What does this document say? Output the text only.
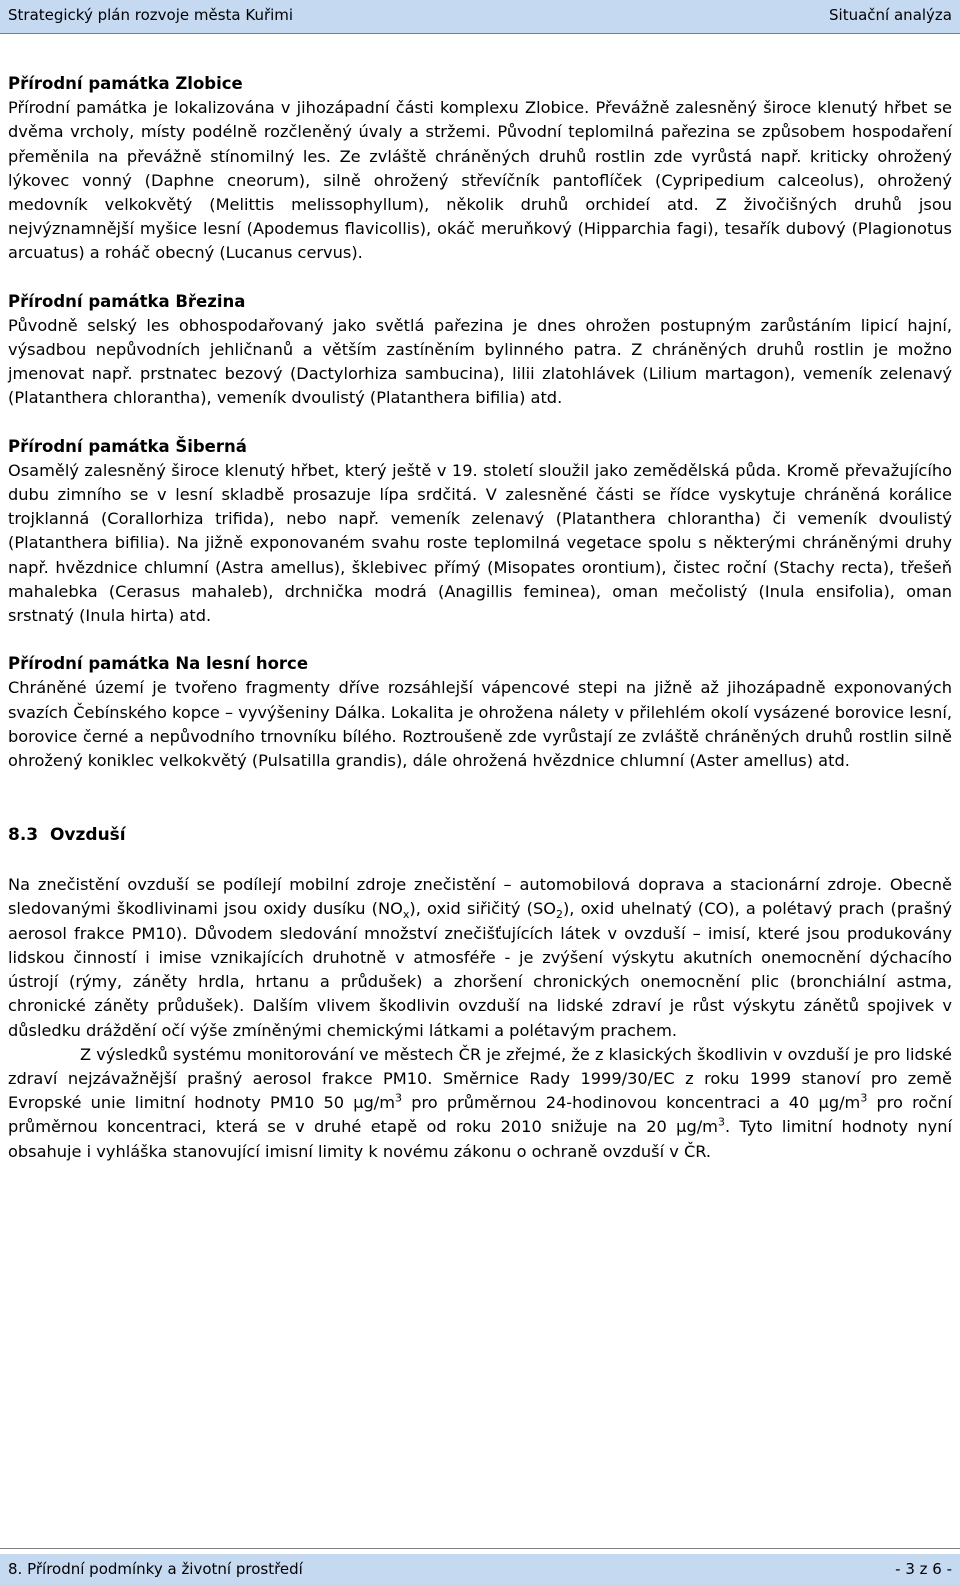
Strategický plán rozvoje města Kuřimi	Situační analýza

Přírodní památka Zlobice

Přírodní památka je lokalizována v jihozápadní části komplexu Zlobice. Převážně zalesněný široce klenutý hřbet se dvěma vrcholy, místy podélně rozčleněný úvaly a stržemi. Původní teplomilná pařezina se způsobem hospodaření přeměnila na převážně stínomilný les. Ze zvláště chráněných druhů rostlin zde vyrůstá např. kriticky ohrožený lýkovec vonný (Daphne cneorum), silně ohrožený střevíčník pantoflíček (Cypripedium calceolus), ohrožený medovník velkokvětý (Melittis melissophyllum), několik druhů orchideí atd. Z živočišných druhů jsou nejvýznamnější myšice lesní (Apodemus flavicollis), okáč meruňkový (Hipparchia fagi), tesařík dubový (Plagionotus arcuatus) a roháč obecný (Lucanus cervus).

Přírodní památka Březina

Původně selský les obhospodařovaný jako světlá pařezina je dnes ohrožen postupným zarůstáním lipicí hajní, výsadbou nepůvodních jehličnanů a větším zastíněním bylinného patra. Z chráněných druhů rostlin je možno jmenovat např. prstnatec bezový (Dactylorhiza sambucina), lilii zlatohlávek (Lilium martagon), vemeník zelenavý (Platanthera chlorantha), vemeník dvoulistý (Platanthera bifilia) atd.

Přírodní památka Šiberná

Osamělý zalesněný široce klenutý hřbet, který ještě v 19. století sloužil jako zemědělská půda. Kromě převažujícího dubu zimního se v lesní skladbě prosazuje lípa srdčitá. V zalesněné části se řídce vyskytuje chráněná korálice trojklanná (Corallorhiza trifida), nebo např. vemeník zelenavý (Platanthera chlorantha) či vemeník dvoulistý (Platanthera bifilia). Na jižně exponovaném svahu roste teplomilná vegetace spolu s některými chráněnými druhy např. hvězdnice chlumní (Astra amellus), šklebivec přímý (Misopates orontium), čistec roční (Stachy recta), třešeň mahalebka (Cerasus mahaleb), drchnička modrá (Anagillis feminea), oman mečolistý (Inula ensifolia), oman srstnatý (Inula hirta) atd.

Přírodní památka Na lesní horce

Chráněné území je tvořeno fragmenty dříve rozsáhlejší vápencové stepi na jižně až jihozápadně exponovaných svazích Čebínského kopce – vyvýšeniny Dálka. Lokalita je ohrožena nálety v přilehlém okolí vysázené borovice lesní, borovice černé a nepůvodního trnovníku bílého. Roztroušeně zde vyrůstají ze zvláště chráněných druhů rostlin silně ohrožený koniklec velkokvětý (Pulsatilla grandis), dále ohrožená hvězdnice chlumní (Aster amellus) atd.

8.3 Ovzduší

Na znečistění ovzduší se podílejí mobilní zdroje znečistění – automobilová doprava a stacionární zdroje. Obecně sledovanými škodlivinami jsou oxidy dusíku $(NO_x)$, oxid siřičitý $(SO_2)$, oxid uhelnatý (CO), a polétavý prach (prašný aerosol frakce PM10). Důvodem sledování množství znečišťujících látek v ovzduší – imisí, které jsou produkovány lidskou činností i imise vznikajících druhotně v atmosféře - je zvýšení výskytu akutních onemocnění dýchacího ústrojí (rýmy, záněty hrdla, hrtanu a průdušek) a zhoršení chronických onemocnění plic (bronchiální astma, chronické záněty průdušek). Dalším vlivem škodlivin ovzduší na lidské zdraví je růst výskytu zánětů spojivek v důsledku dráždění očí výše zmíněnými chemickými látkami a polétavým prachem.

Z výsledků systému monitorování ve městech ČR je zřejmé, že z klasických škodlivin v ovzduší je pro lidské zdraví nejzávažnější prašný aerosol frakce PM10. Směrnice Rady 1999/30/EC z roku 1999 stanoví pro země Evropské unie limitní hodnoty PM10 50 $\mu g/m^3$ pro průměrnou 24-hodinovou koncentraci a 40 $\mu g/m^3$ pro roční průměrnou koncentraci, která se v druhé etapě od roku 2010 snižuje na 20 $\mu g/m^3$. Tyto limitní hodnoty nyní obsahuje i vyhláška stanovující imisní limity k novému zákonu o ochraně ovzduší v ČR.

8. Přírodní podmínky a životní prostředí	- 3 z 6 -
